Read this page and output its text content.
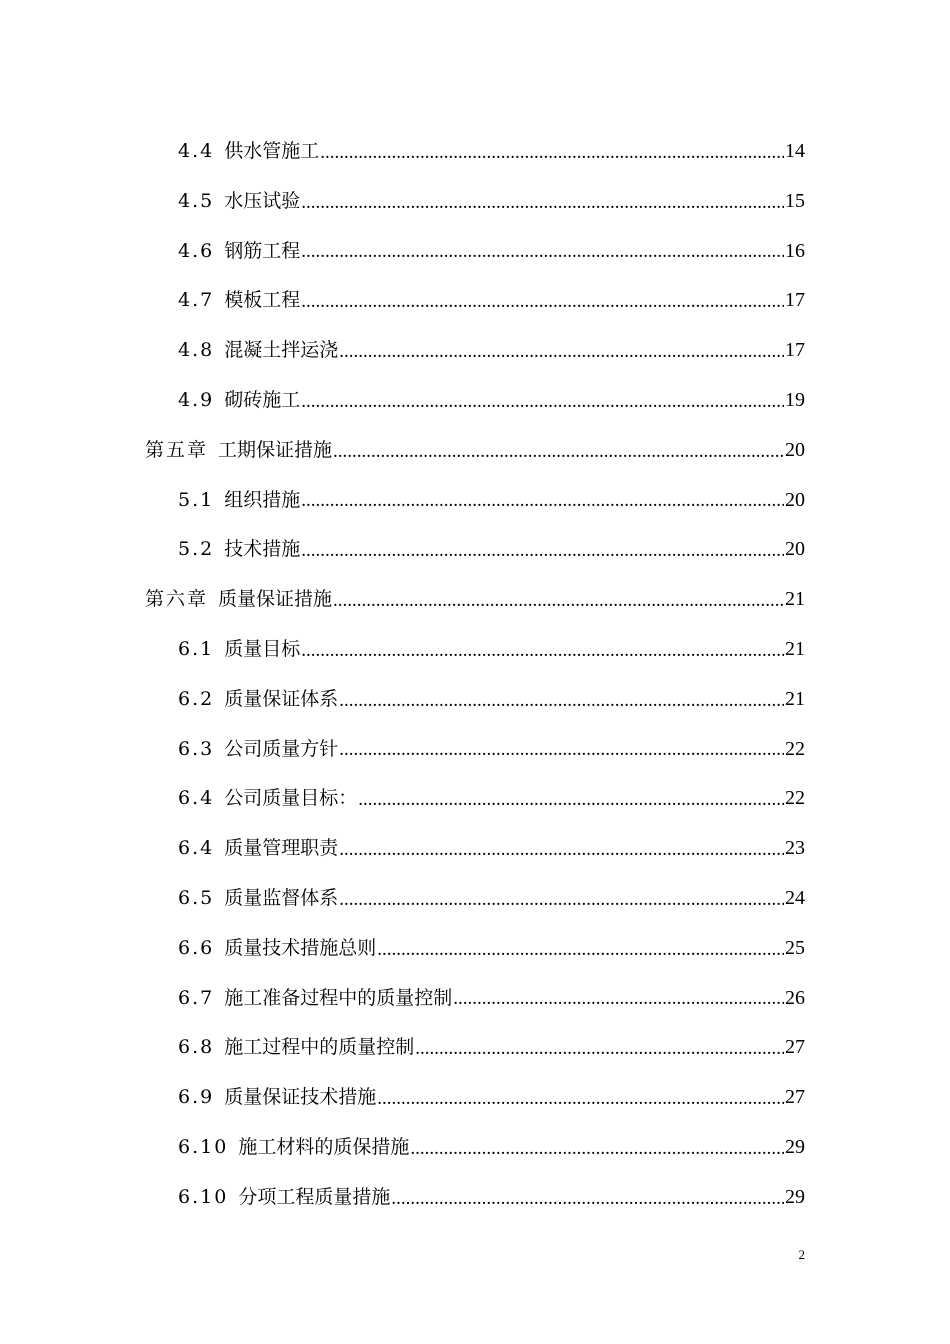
4.4 供水管施工 .....	14
4.5 水压试验 .....	15
4.6 钢筋工程 .....	16
4.7 模板工程 .....	17
4.8 混凝土拌运浇 .....	17
4.9 砌砖施工 .....	19
第五章 工期保证措施 .....	20
5.1 组织措施 .....	20
5.2 技术措施 .....	20
第六章 质量保证措施 .....	21
6.1 质量目标 .....	21
6.2 质量保证体系 .....	21
6.3 公司质量方针 .....	22
6.4 公司质量目标： .....	22
6.4 质量管理职责 .....	23
6.5 质量监督体系 .....	24
6.6 质量技术措施总则 .....	25
6.7 施工准备过程中的质量控制 .....	26
6.8 施工过程中的质量控制 .....	27
6.9 质量保证技术措施 .....	27
6.10 施工材料的质保措施 .....	29
6.10 分项工程质量措施 .....	29
2
